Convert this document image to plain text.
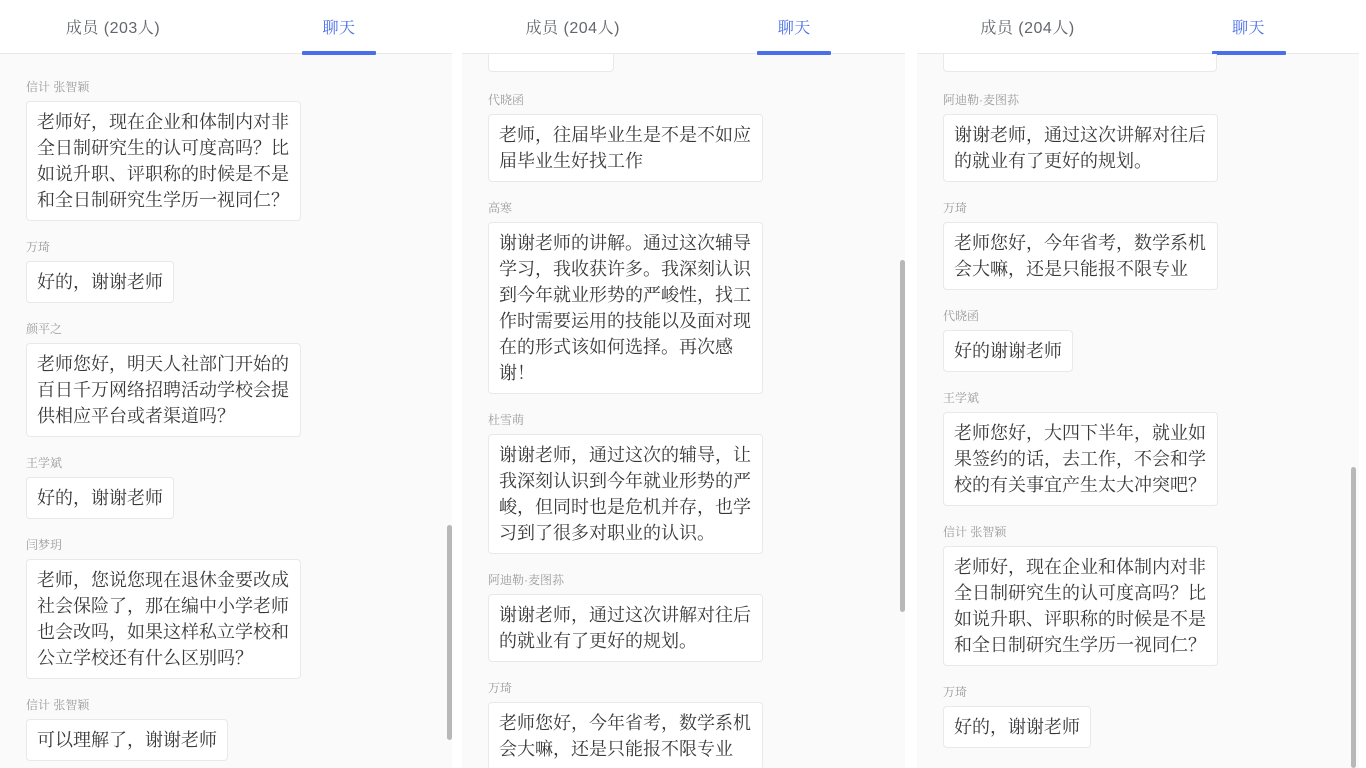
成员 (203人)	聊天
信计 张智颖
老师好，现在企业和体制内对非全日制研究生的认可度高吗？比如说升职、评职称的时候是不是和全日制研究生学历一视同仁？
万琦
好的，谢谢老师
颜平之
老师您好，明天人社部门开始的百日千万网络招聘活动学校会提供相应平台或者渠道吗？
王学斌
好的，谢谢老师
闫梦玥
老师，您说您现在退休金要改成社会保险了，那在编中小学老师也会改吗，如果这样私立学校和公立学校还有什么区别吗？
信计 张智颖
可以理解了，谢谢老师
成员 (204人)	聊天
代晓函
老师，往届毕业生是不是不如应届毕业生好找工作
高寒
谢谢老师的讲解。通过这次辅导学习，我收获许多。我深刻认识到今年就业形势的严峻性，找工作时需要运用的技能以及面对现在的形式该如何选择。再次感谢！
杜雪萌
谢谢老师，通过这次的辅导，让我深刻认识到今年就业形势的严峻，但同时也是危机并存，也学习到了很多对职业的认识。
阿迪勒·麦图荪
谢谢老师，通过这次讲解对往后的就业有了更好的规划。
万琦
老师您好，今年省考，数学系机会大嘛，还是只能报不限专业
成员 (204人)	聊天
阿迪勒·麦图荪
谢谢老师，通过这次讲解对往后的就业有了更好的规划。
万琦
老师您好，今年省考，数学系机会大嘛，还是只能报不限专业
代晓函
好的谢谢老师
王学斌
老师您好，大四下半年，就业如果签约的话，去工作，不会和学校的有关事宜产生太大冲突吧？
信计 张智颖
老师好，现在企业和体制内对非全日制研究生的认可度高吗？比如说升职、评职称的时候是不是和全日制研究生学历一视同仁？
万琦
好的，谢谢老师
